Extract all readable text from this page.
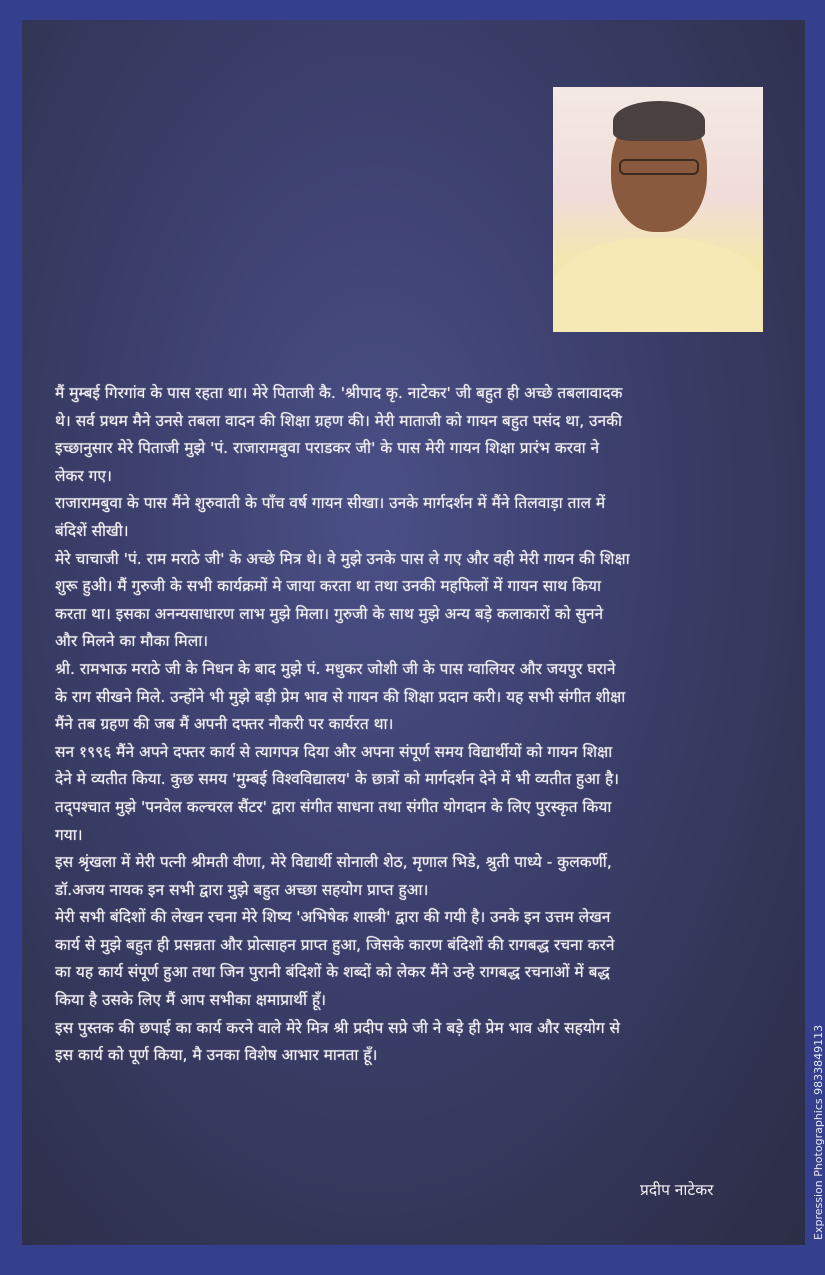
मैं मुम्बई गिरगांव के पास रहता था। मेरे पिताजी कै. 'श्रीपाद कृ. नाटेकर' जी बहुत ही अच्छे तबलावादक
थे। सर्व प्रथम मैने उनसे तबला वादन की शिक्षा ग्रहण की। मेरी माताजी को गायन बहुत पसंद था, उनकी
इच्छानुसार मेरे पिताजी मुझे 'पं. राजारामबुवा पराडकर जी' के पास मेरी गायन शिक्षा प्रारंभ करवा ने
लेकर गए।
राजारामबुवा के पास मैंने शुरुवाती के पाँच वर्ष गायन सीखा। उनके मार्गदर्शन में मैंने तिलवाड़ा ताल में
बंदिशें सीखी।
मेरे चाचाजी 'पं. राम मराठे जी' के अच्छे मित्र थे। वे मुझे उनके पास ले गए और वही मेरी गायन की शिक्षा
शुरू हुअी। मैं गुरुजी के सभी कार्यक्रमों मे जाया करता था तथा उनकी महफिलों में गायन साथ किया
करता था। इसका अनन्यसाधारण लाभ मुझे मिला। गुरुजी के साथ मुझे अन्य बड़े कलाकारों को सुनने
और मिलने का मौका मिला।
श्री. रामभाऊ मराठे जी के निधन के बाद मुझे पं. मधुकर जोशी जी के पास ग्वालियर और जयपुर घराने
के राग सीखने मिले. उन्होंने भी मुझे बड़ी प्रेम भाव से गायन की शिक्षा प्रदान करी। यह सभी संगीत शीक्षा
मैंने तब ग्रहण की जब मैं अपनी दफ्तर नौकरी पर कार्यरत था।
सन १९९६ मैंने अपने दफ्तर कार्य से त्यागपत्र दिया और अपना संपूर्ण समय विद्यार्थीयों को गायन शिक्षा
देने मे व्यतीत किया. कुछ समय 'मुम्बई विश्वविद्यालय' के छात्रों को मार्गदर्शन देने में भी व्यतीत हुआ है।
तद्पश्चात मुझे 'पनवेल कल्चरल सैंटर' द्वारा संगीत साधना तथा संगीत योगदान के लिए पुरस्कृत किया
गया।
इस श्रृंखला में मेरी पत्नी श्रीमती वीणा, मेरे विद्यार्थी सोनाली शेठ, मृणाल भिडे, श्रुती पाध्ये - कुलकर्णी,
डॉ.अजय नायक इन सभी द्वारा मुझे बहुत अच्छा सहयोग प्राप्त हुआ।
मेरी सभी बंदिशों की लेखन रचना मेरे शिष्य 'अभिषेक शास्त्री' द्वारा की गयी है। उनके इन उत्तम लेखन
कार्य से मुझे बहुत ही प्रसन्नता और प्रोत्साहन प्राप्त हुआ, जिसके कारण बंदिशों की रागबद्ध रचना करने
का यह कार्य संपूर्ण हुआ तथा जिन पुरानी बंदिशों के शब्दों को लेकर मैंने उन्हे रागबद्ध रचनाओं में बद्ध
किया है उसके लिए मैं आप सभीका क्षमाप्रार्थी हूँ।
इस पुस्तक की छपाई का कार्य करने वाले मेरे मित्र श्री प्रदीप सप्रे जी ने बड़े ही प्रेम भाव और सहयोग से
इस कार्य को पूर्ण किया, मै उनका विशेष आभार मानता हूँ।
प्रदीप नाटेकर	Expression Photographics 9833849113
